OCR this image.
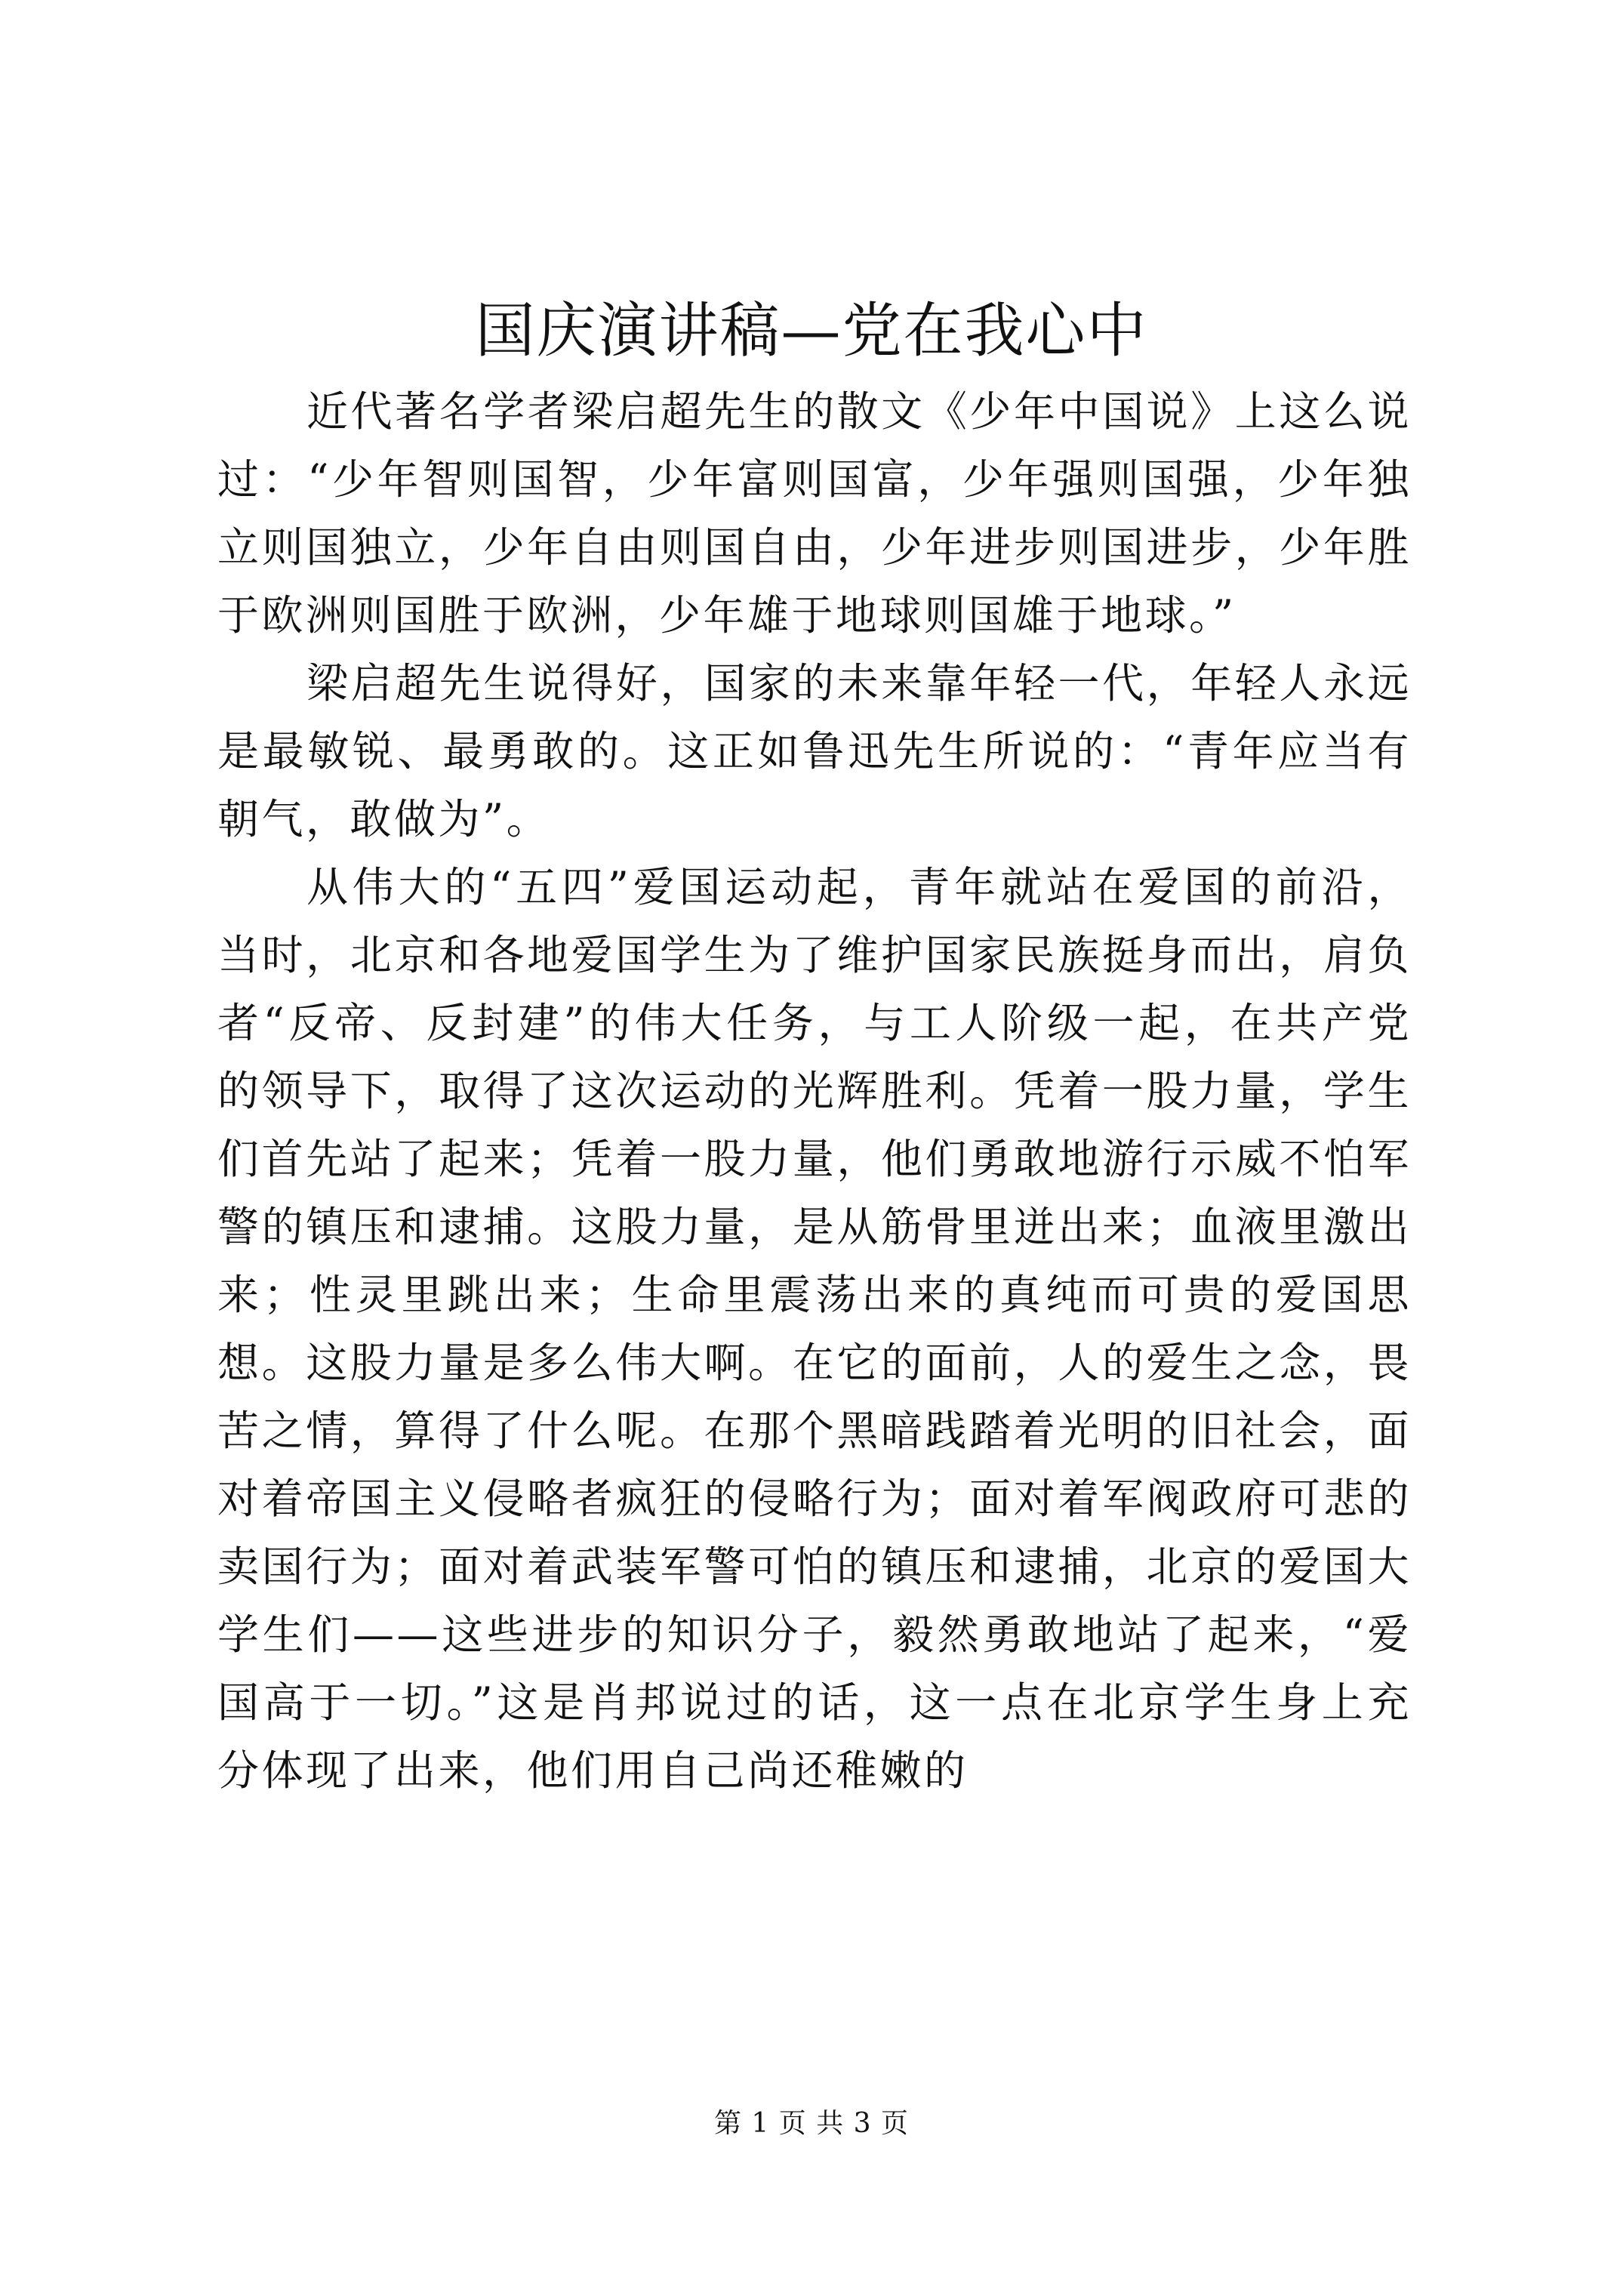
国庆演讲稿—党在我心中

近代著名学者梁启超先生的散文《少年中国说》上这么说过：“少年智则国智，少年富则国富，少年强则国强，少年独立则国独立，少年自由则国自由，少年进步则国进步，少年胜于欧洲则国胜于欧洲，少年雄于地球则国雄于地球。”

梁启超先生说得好，国家的未来靠年轻一代，年轻人永远是最敏锐、最勇敢的。这正如鲁迅先生所说的：“青年应当有朝气，敢做为”。

从伟大的“五四”爱国运动起，青年就站在爱国的前沿，当时，北京和各地爱国学生为了维护国家民族挺身而出，肩负者“反帝、反封建”的伟大任务，与工人阶级一起，在共产党的领导下，取得了这次运动的光辉胜利。凭着一股力量，学生们首先站了起来；凭着一股力量，他们勇敢地游行示威不怕军警的镇压和逮捕。这股力量，是从筋骨里迸出来；血液里激出来；性灵里跳出来；生命里震荡出来的真纯而可贵的爱国思想。这股力量是多么伟大啊。在它的面前，人的爱生之念，畏苦之情，算得了什么呢。在那个黑暗践踏着光明的旧社会，面对着帝国主义侵略者疯狂的侵略行为；面对着军阀政府可悲的卖国行为；面对着武装军警可怕的镇压和逮捕，北京的爱国大学生们——这些进步的知识分子，毅然勇敢地站了起来，“爱国高于一切。”这是肖邦说过的话，这一点在北京学生身上充分体现了出来，他们用自己尚还稚嫩的

第 1 页 共 3 页
